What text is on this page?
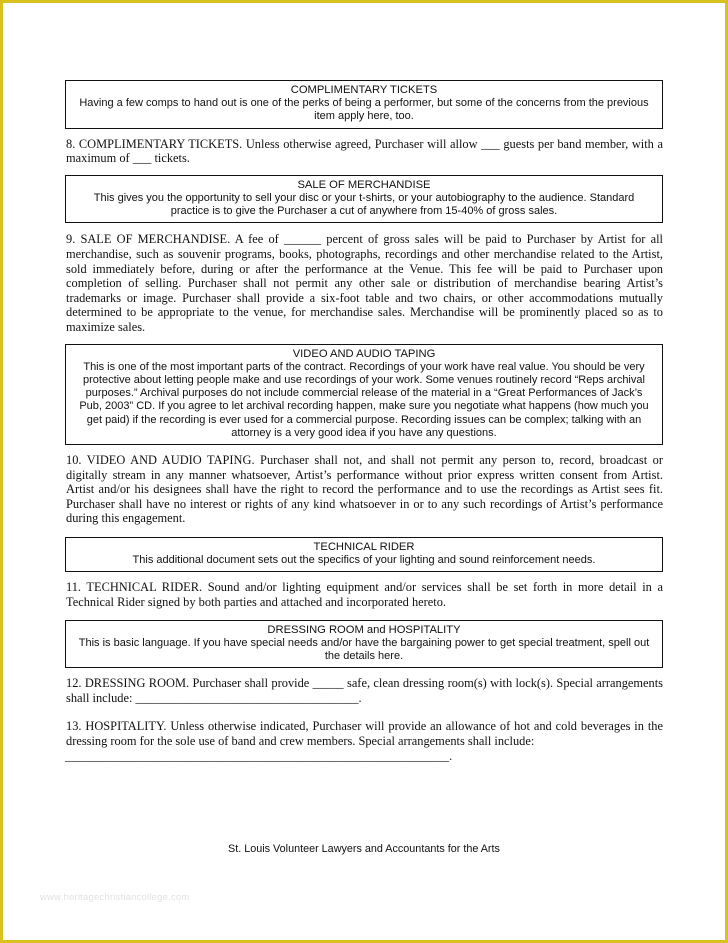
COMPLIMENTARY TICKETS
Having a few comps to hand out is one of the perks of being a performer, but some of the concerns from the previous item apply here, too.

8. COMPLIMENTARY TICKETS. Unless otherwise agreed, Purchaser will allow ___ guests per band member, with a maximum of ___ tickets.

SALE OF MERCHANDISE
This gives you the opportunity to sell your disc or your t-shirts, or your autobiography to the audience. Standard practice is to give the Purchaser a cut of anywhere from 15-40% of gross sales.

9. SALE OF MERCHANDISE. A fee of ______ percent of gross sales will be paid to Purchaser by Artist for all merchandise, such as souvenir programs, books, photographs, recordings and other merchandise related to the Artist, sold immediately before, during or after the performance at the Venue. This fee will be paid to Purchaser upon completion of selling. Purchaser shall not permit any other sale or distribution of merchandise bearing Artist’s trademarks or image. Purchaser shall provide a six-foot table and two chairs, or other accommodations mutually determined to be appropriate to the venue, for merchandise sales. Merchandise will be prominently placed so as to maximize sales.

VIDEO AND AUDIO TAPING
This is one of the most important parts of the contract. Recordings of your work have real value. You should be very protective about letting people make and use recordings of your work. Some venues routinely record “Reps archival purposes.” Archival purposes do not include commercial release of the material in a “Great Performances of Jack’s Pub, 2003” CD. If you agree to let archival recording happen, make sure you negotiate what happens (how much you get paid) if the recording is ever used for a commercial purpose. Recording issues can be complex; talking with an attorney is a very good idea if you have any questions.

10. VIDEO AND AUDIO TAPING. Purchaser shall not, and shall not permit any person to, record, broadcast or digitally stream in any manner whatsoever, Artist’s performance without prior express written consent from Artist. Artist and/or his designees shall have the right to record the performance and to use the recordings as Artist sees fit. Purchaser shall have no interest or rights of any kind whatsoever in or to any such recordings of Artist’s performance during this engagement.

TECHNICAL RIDER
This additional document sets out the specifics of your lighting and sound reinforcement needs.

11. TECHNICAL RIDER. Sound and/or lighting equipment and/or services shall be set forth in more detail in a Technical Rider signed by both parties and attached and incorporated hereto.

DRESSING ROOM and HOSPITALITY
This is basic language. If you have special needs and/or have the bargaining power to get special treatment, spell out the details here.

12. DRESSING ROOM. Purchaser shall provide _____ safe, clean dressing room(s) with lock(s). Special arrangements shall include: ____________________________________.

13. HOSPITALITY. Unless otherwise indicated, Purchaser will provide an allowance of hot and cold beverages in the dressing room for the sole use of band and crew members. Special arrangements shall include:

______________________________________________________________.

St. Louis Volunteer Lawyers and Accountants for the Arts
www.heritagechristiancollege.com
